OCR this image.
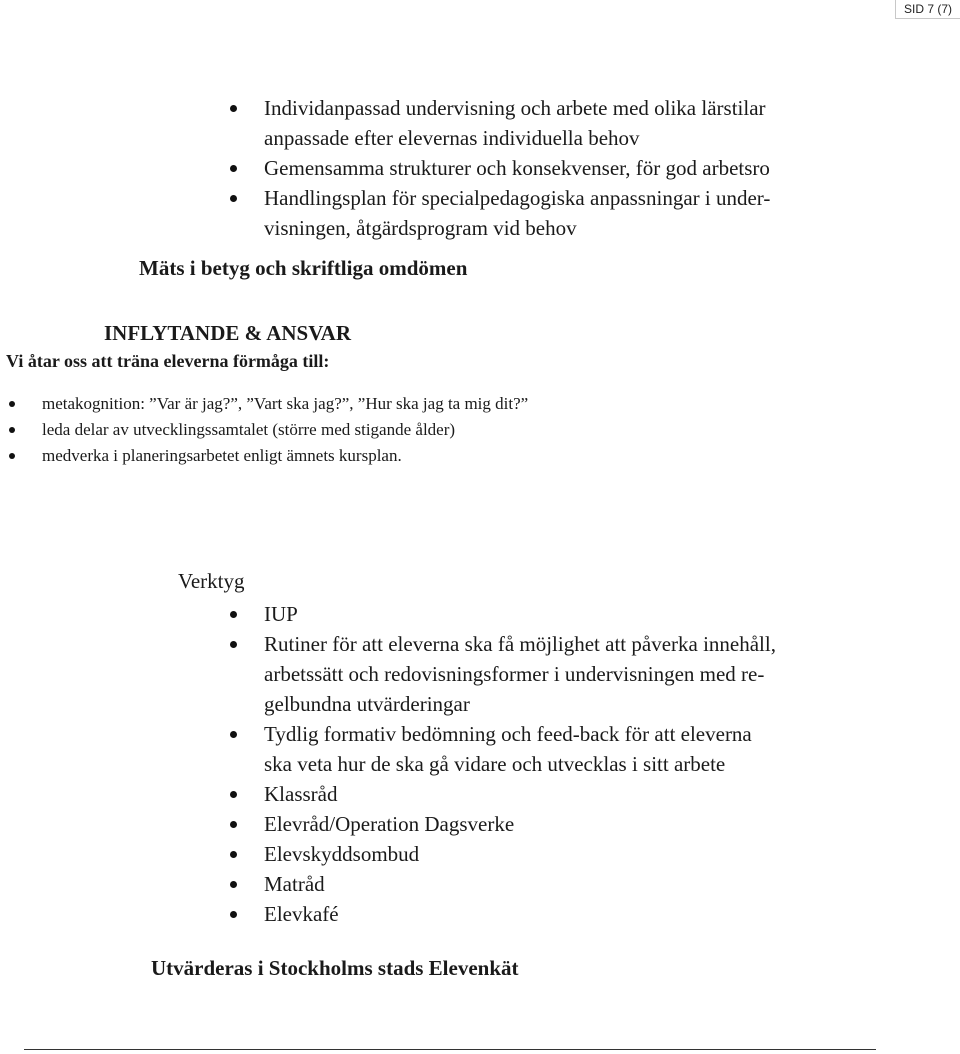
SID 7 (7)
Individanpassad undervisning och arbete med olika lärstilar
anpassade efter elevernas individuella behov
Gemensamma strukturer och konsekvenser, för god arbetsro
Handlingsplan för specialpedagogiska anpassningar i under-
visningen, åtgärdsprogram vid behov
Mäts i betyg och skriftliga omdömen
INFLYTANDE & ANSVAR
Vi åtar oss att träna eleverna förmåga till:
metakognition: ”Var är jag?”, ”Vart ska jag?”, ”Hur ska jag ta mig dit?”
leda delar av utvecklingssamtalet (större med stigande ålder)
medverka i planeringsarbetet enligt ämnets kursplan.
Verktyg
IUP
Rutiner för att eleverna ska få möjlighet att påverka innehåll,
arbetssätt och redovisningsformer i undervisningen med re-
gelbundna utvärderingar
Tydlig formativ bedömning och feed-back för att eleverna
ska veta hur de ska gå vidare och utvecklas i sitt arbete
Klassråd
Elevråd/Operation Dagsverke
Elevskyddsombud
Matråd
Elevkafé
Utvärderas i Stockholms stads Elevenkät
